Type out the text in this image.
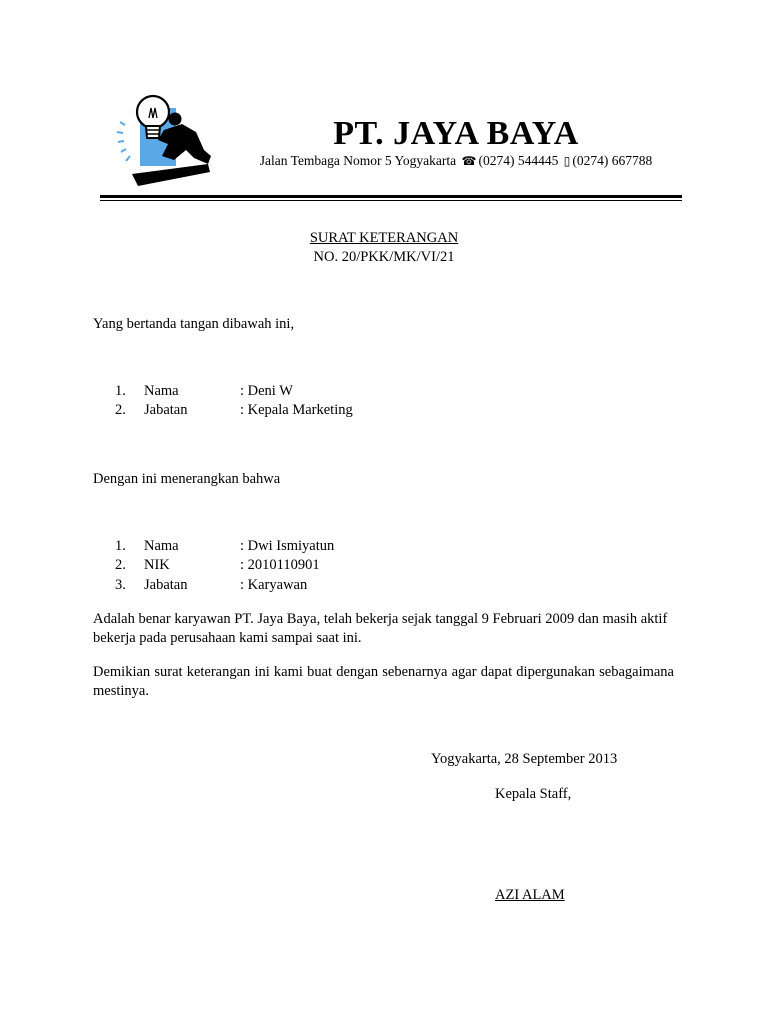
PT. JAYA BAYA
Jalan Tembaga Nomor 5 Yogyakarta ☎ (0274) 544445 ▯ (0274) 667788
SURAT KETERANGAN
NO. 20/PKK/MK/VI/21
Yang bertanda tangan dibawah ini,
1.	Nama	: Deni W
2.	Jabatan	: Kepala Marketing
Dengan ini menerangkan bahwa
1.	Nama	: Dwi Ismiyatun
2.	NIK	: 2010110901
3.	Jabatan	: Karyawan
Adalah benar karyawan PT. Jaya Baya, telah bekerja sejak tanggal 9 Februari 2009 dan masih aktif bekerja pada perusahaan kami sampai saat ini.
Demikian surat keterangan ini kami buat dengan sebenarnya agar dapat dipergunakan sebagaimana mestinya.
Yogyakarta, 28 September 2013
Kepala Staff,
AZI ALAM
